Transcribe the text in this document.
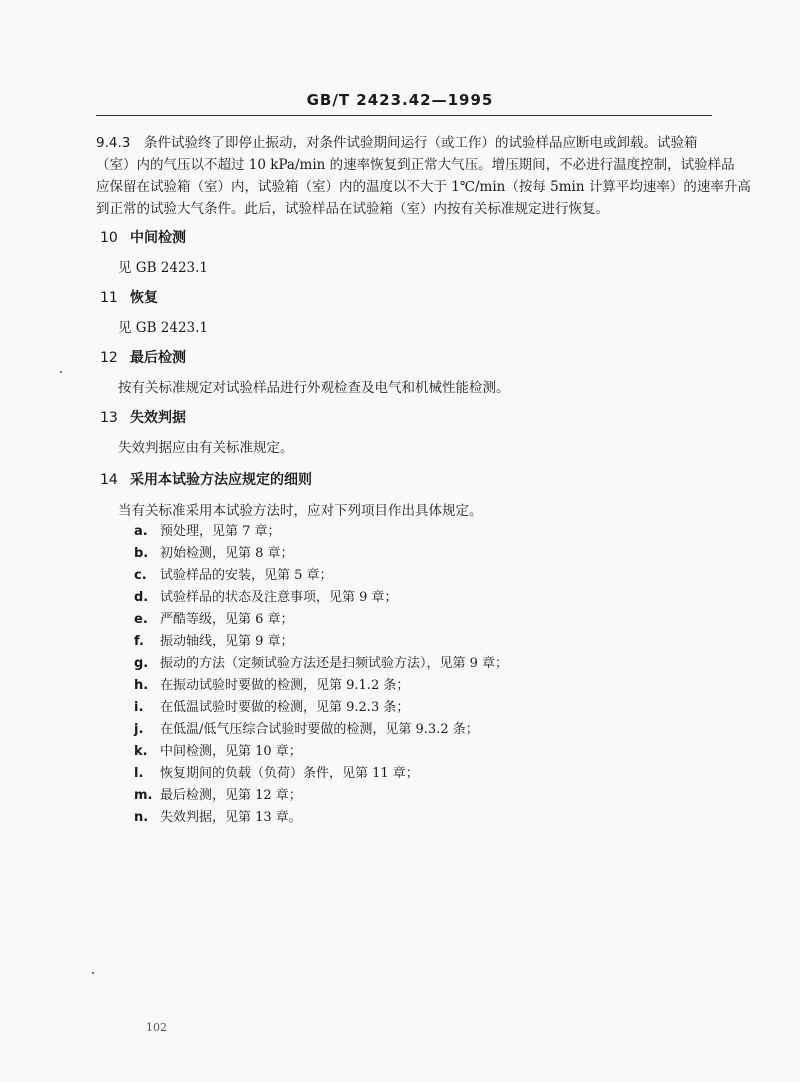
GB/T 2423.42—1995
9.4.3 条件试验终了即停止振动，对条件试验期间运行（或工作）的试验样品应断电或卸载。试验箱
（室）内的气压以不超过 10 kPa/min 的速率恢复到正常大气压。增压期间，不必进行温度控制，试验样品
应保留在试验箱（室）内，试验箱（室）内的温度以不大于 1℃/min（按每 5min 计算平均速率）的速率升高
到正常的试验大气条件。此后，试验样品在试验箱（室）内按有关标准规定进行恢复。
10 中间检测
见 GB 2423.1
11 恢复
见 GB 2423.1
12 最后检测
按有关标准规定对试验样品进行外观检查及电气和机械性能检测。
13 失效判据
失效判据应由有关标准规定。
14 采用本试验方法应规定的细则
当有关标准采用本试验方法时，应对下列项目作出具体规定。
a. 预处理，见第 7 章；
b. 初始检测，见第 8 章；
c. 试验样品的安装，见第 5 章；
d. 试验样品的状态及注意事项，见第 9 章；
e. 严酷等级，见第 6 章；
f. 振动轴线，见第 9 章；
g. 振动的方法（定频试验方法还是扫频试验方法），见第 9 章；
h. 在振动试验时要做的检测，见第 9.1.2 条；
i. 在低温试验时要做的检测，见第 9.2.3 条；
j. 在低温/低气压综合试验时要做的检测，见第 9.3.2 条；
k. 中间检测，见第 10 章；
l. 恢复期间的负载（负荷）条件，见第 11 章；
m. 最后检测，见第 12 章；
n. 失效判据，见第 13 章。
102
